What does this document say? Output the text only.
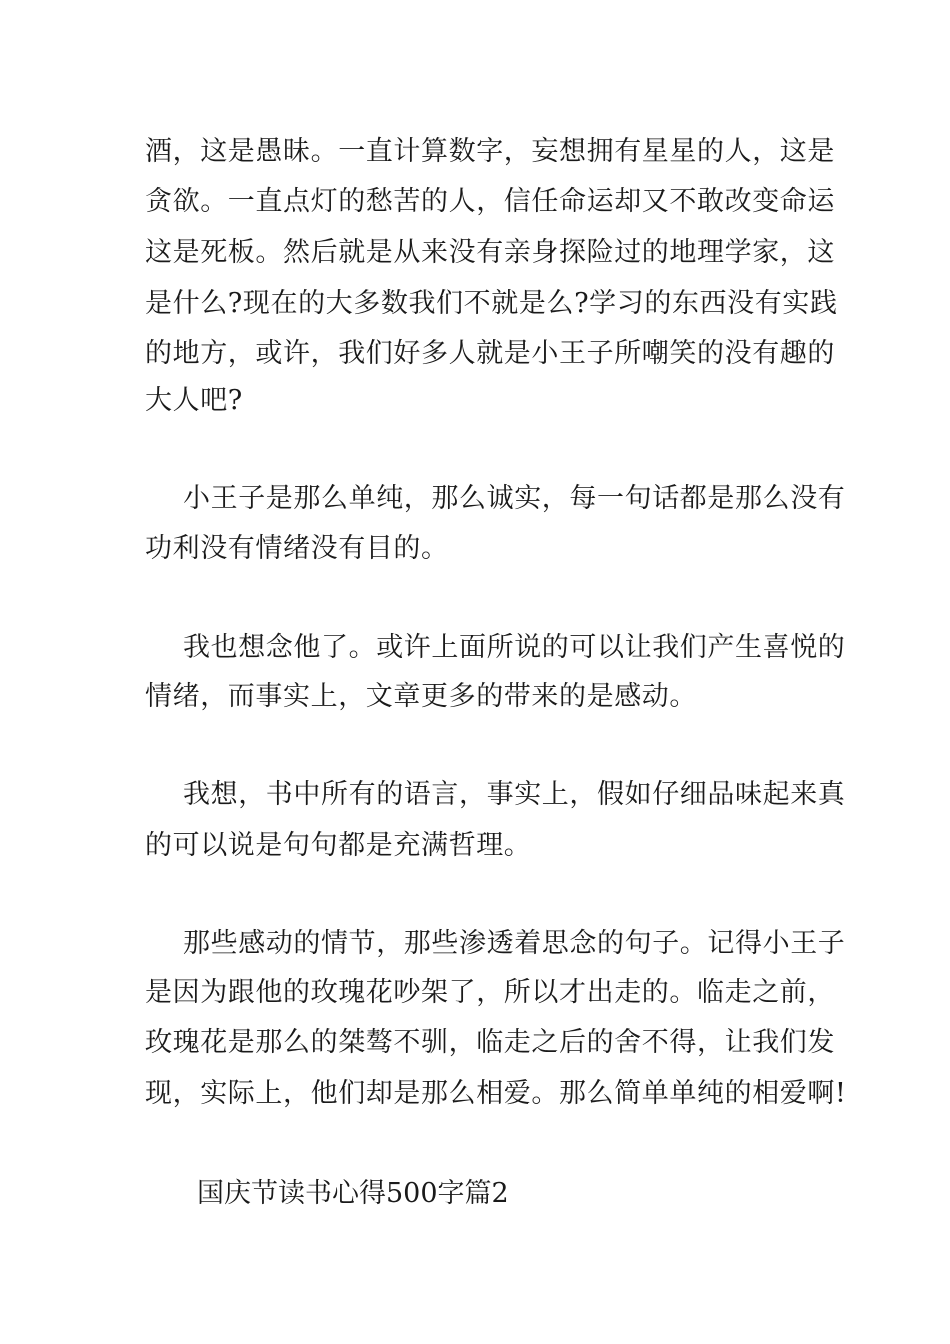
酒，这是愚昧。一直计算数字，妄想拥有星星的人，这是
贪欲。一直点灯的愁苦的人，信任命运却又不敢改变命运
这是死板。然后就是从来没有亲身探险过的地理学家，这
是什么?现在的大多数我们不就是么?学习的东西没有实践
的地方，或许，我们好多人就是小王子所嘲笑的没有趣的
大人吧?
小王子是那么单纯，那么诚实，每一句话都是那么没有
功利没有情绪没有目的。
我也想念他了。或许上面所说的可以让我们产生喜悦的
情绪，而事实上，文章更多的带来的是感动。
我想，书中所有的语言，事实上，假如仔细品味起来真
的可以说是句句都是充满哲理。
那些感动的情节，那些渗透着思念的句子。记得小王子
是因为跟他的玫瑰花吵架了，所以才出走的。临走之前，
玫瑰花是那么的桀骜不驯，临走之后的舍不得，让我们发
现，实际上，他们却是那么相爱。那么简单单纯的相爱啊!
国庆节读书心得500字篇2
